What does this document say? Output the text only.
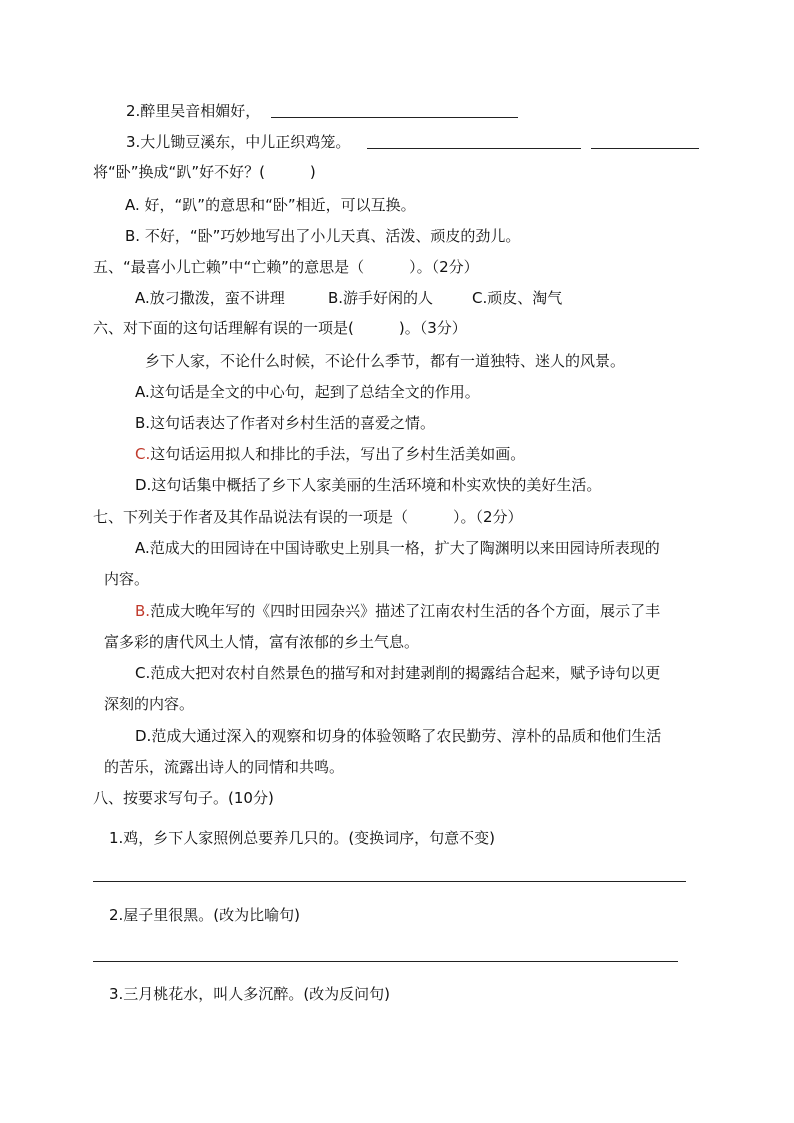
2.醉里吴音相媚好，
3.大儿锄豆溪东，中儿正织鸡笼。
将“卧”换成“趴”好不好？(　　　)
A. 好，“趴”的意思和“卧”相近，可以互换。
B. 不好，“卧”巧妙地写出了小儿天真、活泼、顽皮的劲儿。
五、“最喜小儿亡赖”中“亡赖”的意思是（　　　）。（2分）
A.放刁撒泼，蛮不讲理	B.游手好闲的人	C.顽皮、淘气
六、对下面的这句话理解有误的一项是(　　　)。（3分）
乡下人家，不论什么时候，不论什么季节，都有一道独特、迷人的风景。
A.这句话是全文的中心句，起到了总结全文的作用。
B.这句话表达了作者对乡村生活的喜爱之情。
C.这句话运用拟人和排比的手法，写出了乡村生活美如画。
D.这句话集中概括了乡下人家美丽的生活环境和朴实欢快的美好生活。
七、下列关于作者及其作品说法有误的一项是（　　　）。（2分）
A.范成大的田园诗在中国诗歌史上别具一格，扩大了陶渊明以来田园诗所表现的
内容。
B.范成大晚年写的《四时田园杂兴》描述了江南农村生活的各个方面，展示了丰
富多彩的唐代风土人情，富有浓郁的乡土气息。
C.范成大把对农村自然景色的描写和对封建剥削的揭露结合起来，赋予诗句以更
深刻的内容。
D.范成大通过深入的观察和切身的体验领略了农民勤劳、淳朴的品质和他们生活
的苦乐，流露出诗人的同情和共鸣。
八、按要求写句子。(10分)
1.鸡，乡下人家照例总要养几只的。(变换词序，句意不变)
2.屋子里很黑。(改为比喻句)
3.三月桃花水，叫人多沉醉。(改为反问句)
